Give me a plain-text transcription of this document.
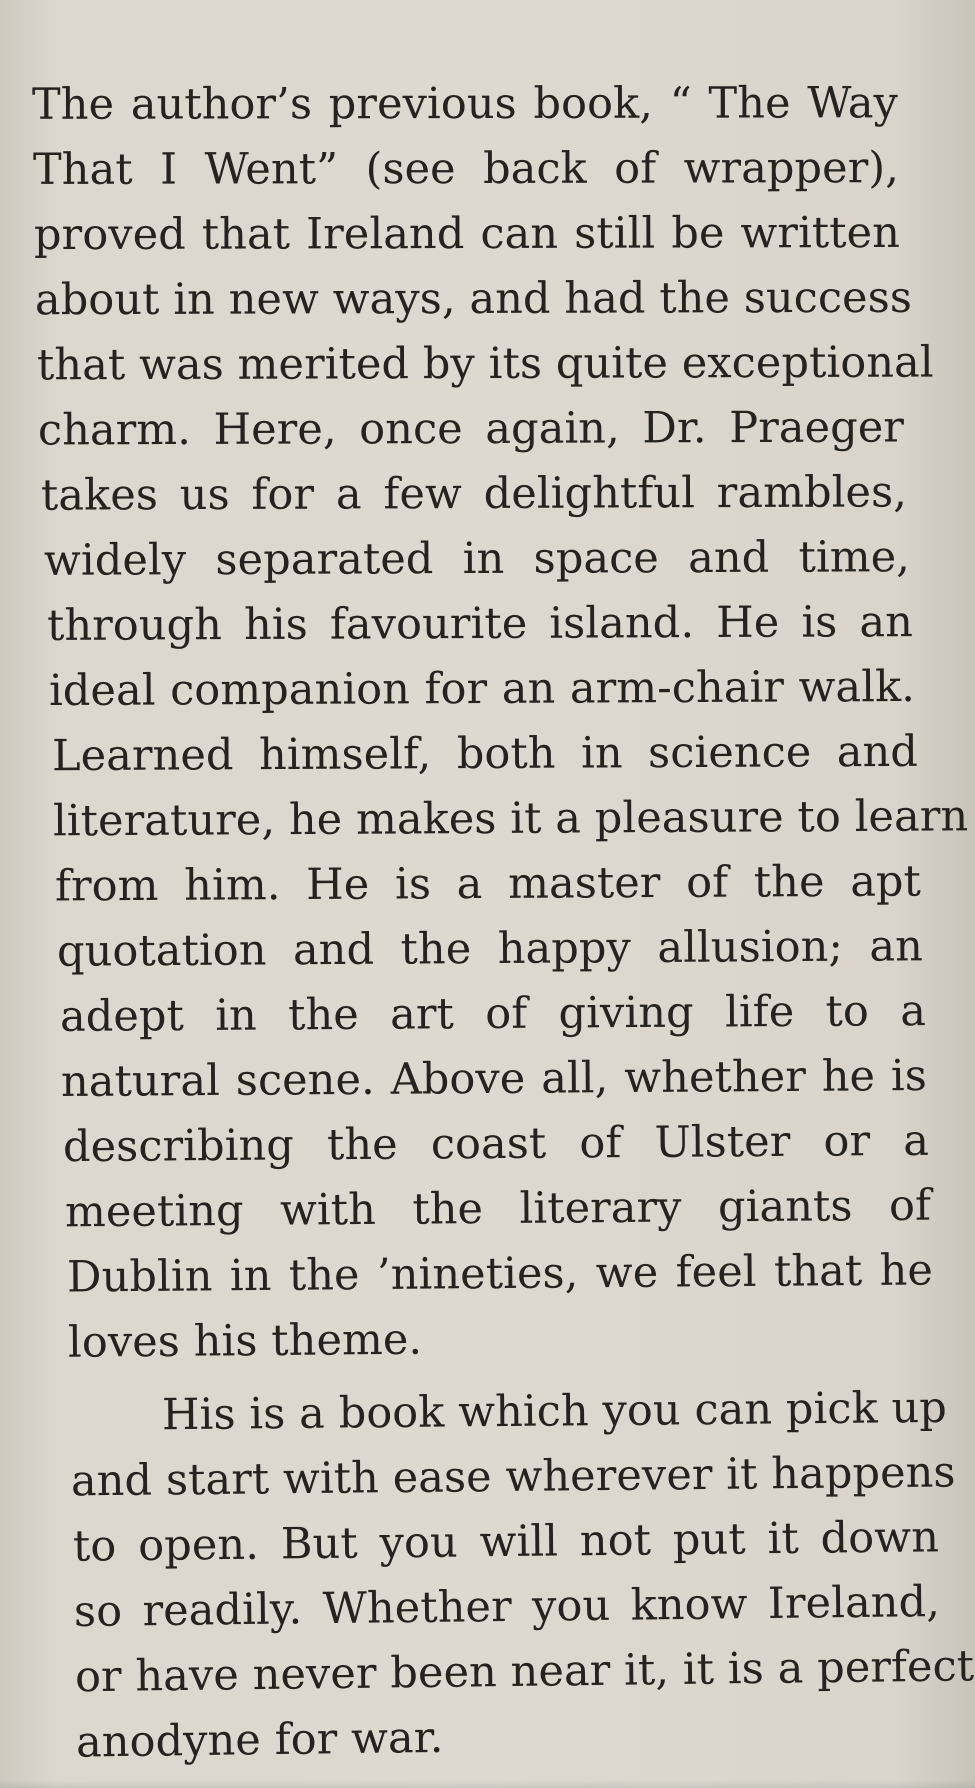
The author’s previous book, “ The Way
That I Went” (see back of wrapper),
proved that Ireland can still be written
about in new ways, and had the success
that was merited by its quite exceptional
charm. Here, once again, Dr. Praeger
takes us for a few delightful rambles,
widely separated in space and time,
through his favourite island. He is an
ideal companion for an arm-chair walk.
Learned himself, both in science and
literature, he makes it a pleasure to learn
from him. He is a master of the apt
quotation and the happy allusion; an
adept in the art of giving life to a
natural scene. Above all, whether he is
describing the coast of Ulster or a
meeting with the literary giants of
Dublin in the ’nineties, we feel that he
loves his theme.
His is a book which you can pick up
and start with ease wherever it happens
to open. But you will not put it down
so readily. Whether you know Ireland,
or have never been near it, it is a perfect
anodyne for war.
